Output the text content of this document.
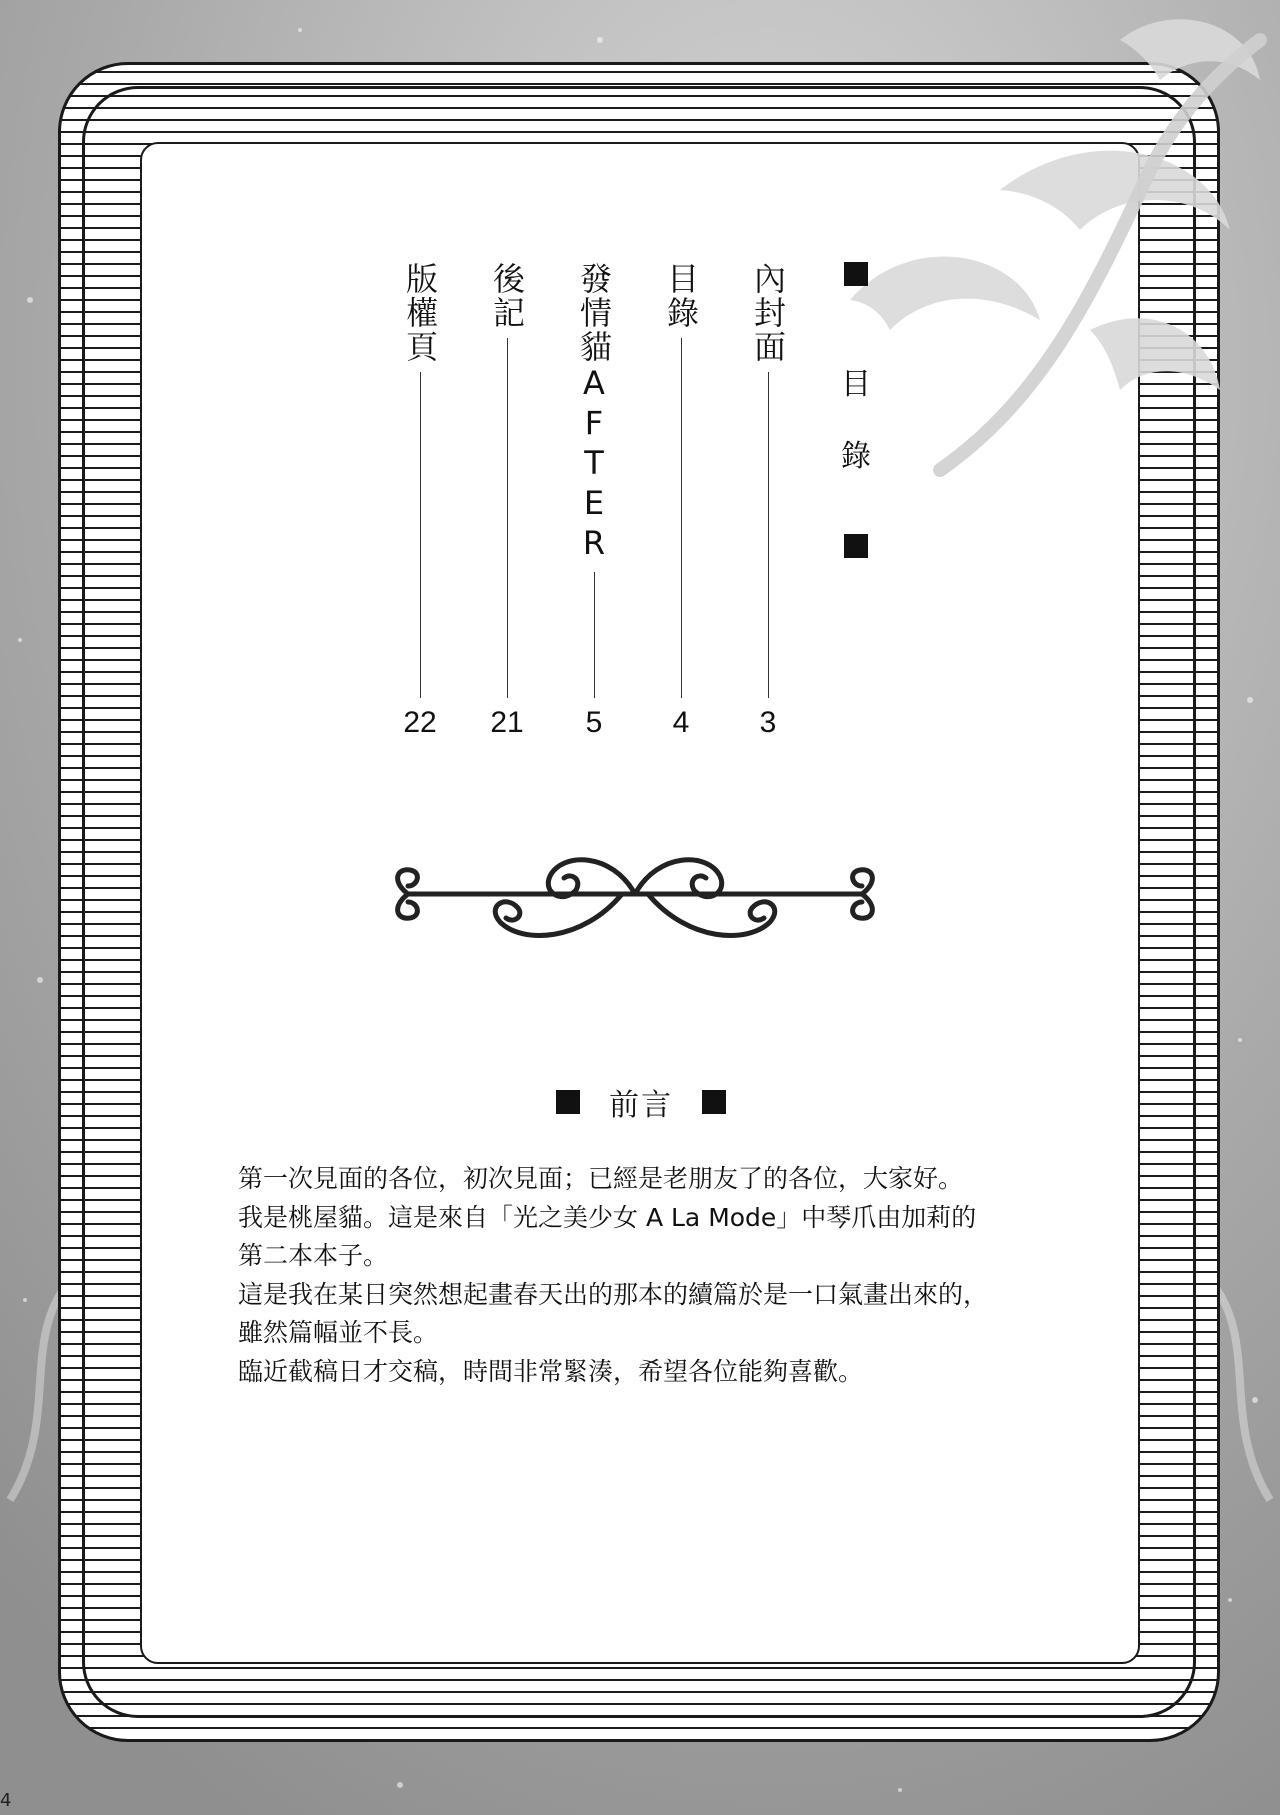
目
錄
內封面
3
目錄
4
發情貓AFTER
5
後記
21
版權頁
22
前言

第一次見面的各位，初次見面；已經是老朋友了的各位，大家好。

我是桃屋貓。這是來自「光之美少女 A La Mode」中琴爪由加莉的

第二本本子。

這是我在某日突然想起畫春天出的那本的續篇於是一口氣畫出來的，

雖然篇幅並不長。

臨近截稿日才交稿，時間非常緊湊，希望各位能夠喜歡。

4
